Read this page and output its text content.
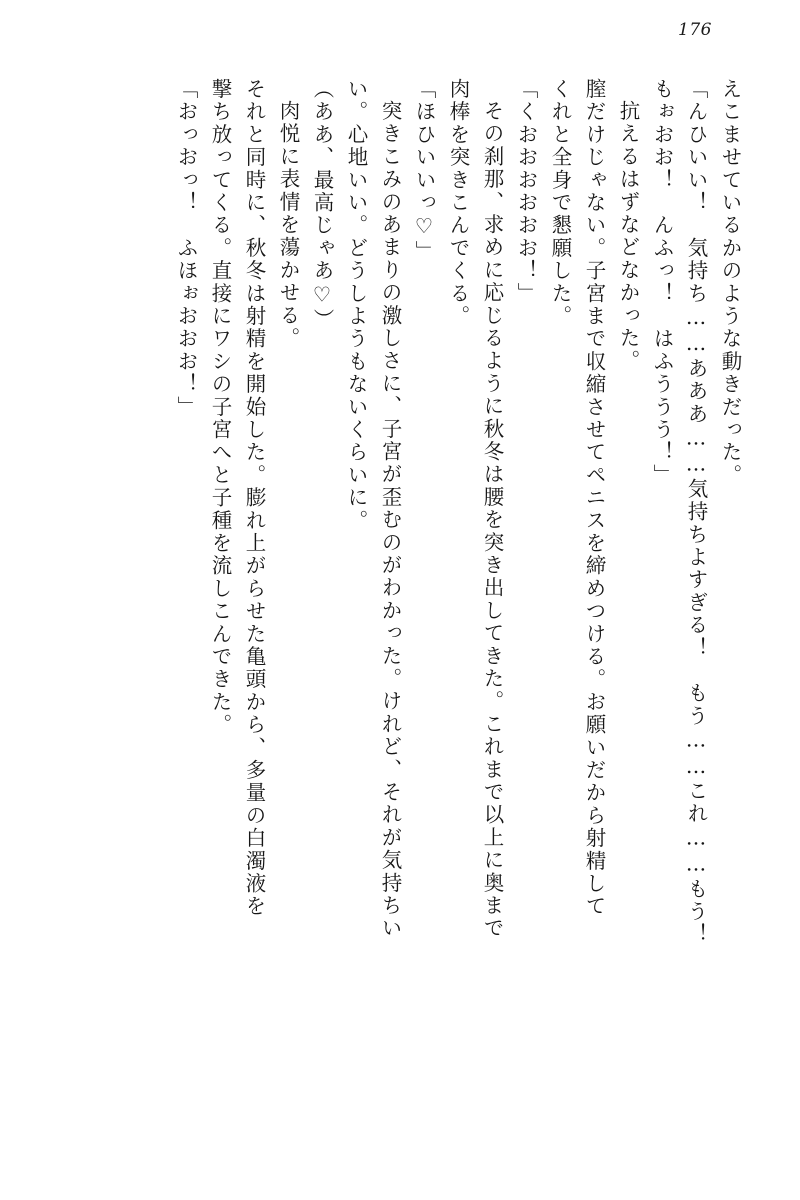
176
えこませているかのような動きだった。
「んひいい！　気持ち……あああ……気持ちよすぎる！　もう……これ……もう！
もぉおお！　んふっ！　はふううう！」
抗えるはずなどなかった。
膣だけじゃない。子宮まで収縮させてペニスを締めつける。お願いだから射精して
くれと全身で懇願した。
「くおおおおおお！」
その刹那、求めに応じるように秋冬は腰を突き出してきた。これまで以上に奥まで
肉棒を突きこんでくる。
「ほひいいっ♡」
突きこみのあまりの激しさに、子宮が歪むのがわかった。けれど、それが気持ちい
い。心地いい。どうしようもないくらいに。
（ああ、最高じゃあ♡）
肉悦に表情を蕩かせる。
それと同時に、秋冬は射精を開始した。膨れ上がらせた亀頭から、多量の白濁液を
撃ち放ってくる。直接にワシの子宮へと子種を流しこんできた。
「おっおっ！　ふほぉおおお！」
